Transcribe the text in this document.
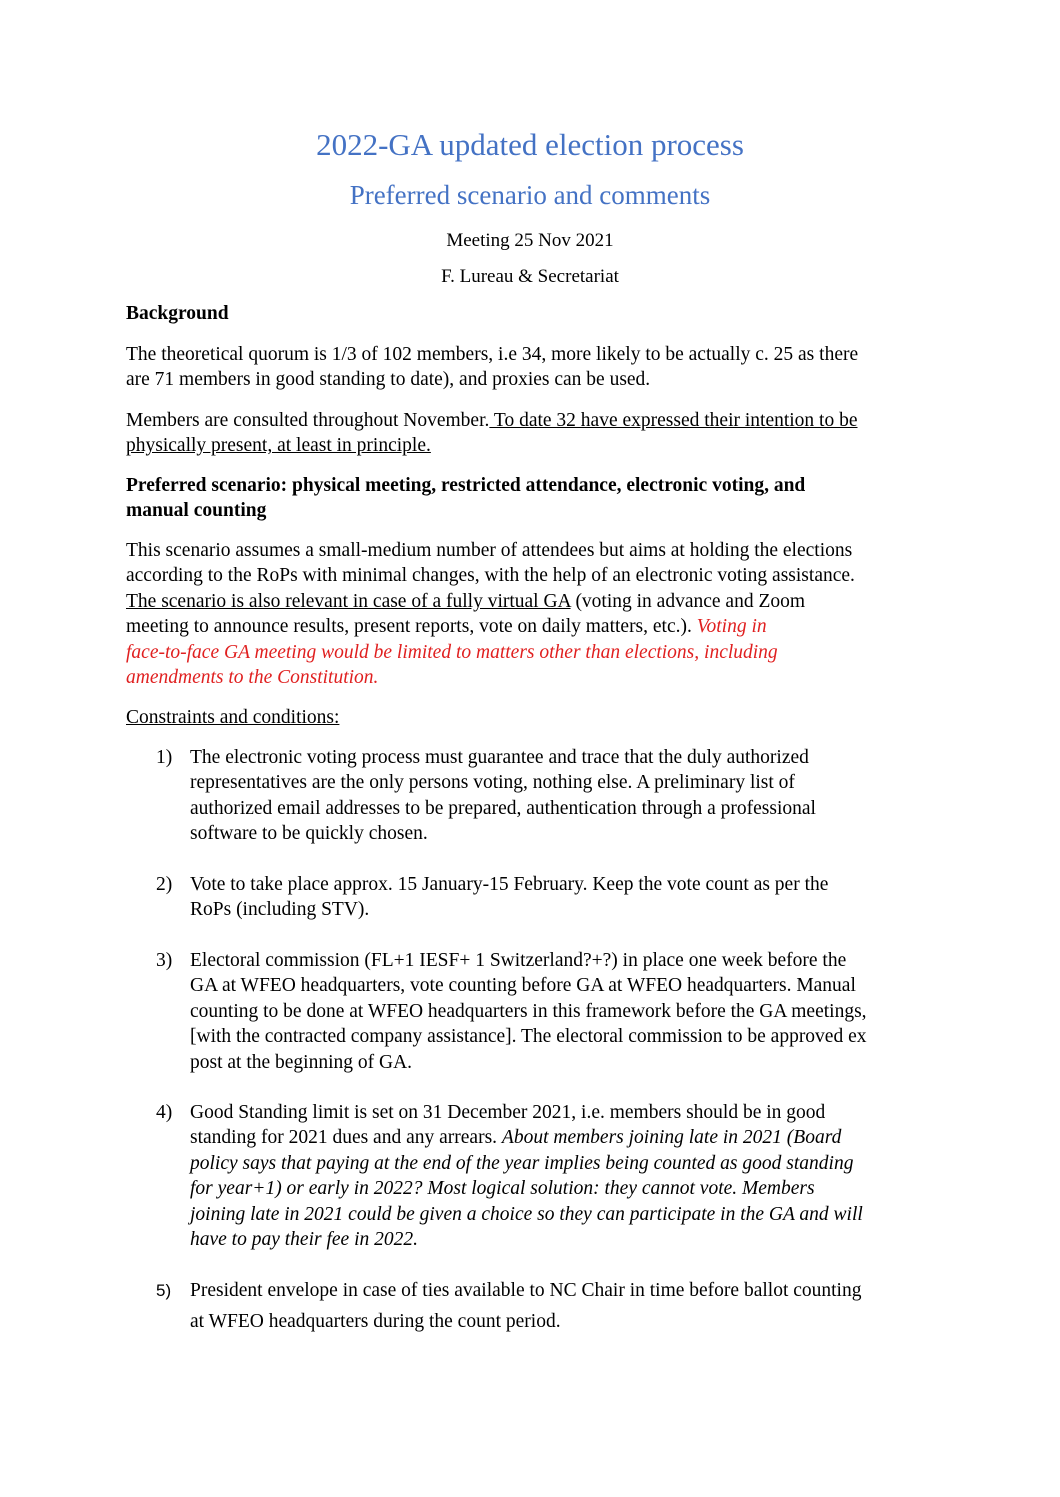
2022-GA updated election process
Preferred scenario and comments
Meeting 25 Nov 2021
F. Lureau & Secretariat
Background
The theoretical quorum is 1/3 of 102 members, i.e 34, more likely to be actually c. 25 as there
are 71 members in good standing to date), and proxies can be used.
Members are consulted throughout November. To date 32 have expressed their intention to be
physically present, at least in principle.
Preferred scenario: physical meeting, restricted attendance, electronic voting, and
manual counting
This scenario assumes a small-medium number of attendees but aims at holding the elections
according to the RoPs with minimal changes, with the help of an electronic voting assistance.
The scenario is also relevant in case of a fully virtual GA (voting in advance and Zoom
meeting to announce results, present reports, vote on daily matters, etc.). Voting in
face-to-face GA meeting would be limited to matters other than elections, including
amendments to the Constitution.
Constraints and conditions:
1) The electronic voting process must guarantee and trace that the duly authorized
representatives are the only persons voting, nothing else. A preliminary list of
authorized email addresses to be prepared, authentication through a professional
software to be quickly chosen.
2) Vote to take place approx. 15 January-15 February. Keep the vote count as per the
RoPs (including STV).
3) Electoral commission (FL+1 IESF+ 1 Switzerland?+?) in place one week before the
GA at WFEO headquarters, vote counting before GA at WFEO headquarters. Manual
counting to be done at WFEO headquarters in this framework before the GA meetings,
[with the contracted company assistance]. The electoral commission to be approved ex
post at the beginning of GA.
4) Good Standing limit is set on 31 December 2021, i.e. members should be in good
standing for 2021 dues and any arrears. About members joining late in 2021 (Board
policy says that paying at the end of the year implies being counted as good standing
for year+1) or early in 2022? Most logical solution: they cannot vote. Members
joining late in 2021 could be given a choice so they can participate in the GA and will
have to pay their fee in 2022.
5) President envelope in case of ties available to NC Chair in time before ballot counting
at WFEO headquarters during the count period.
